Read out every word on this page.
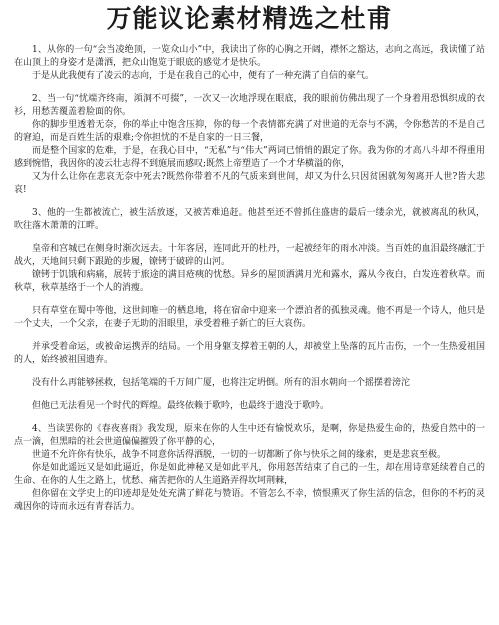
万能议论素材精选之杜甫

1、从你的一句“会当凌绝顶，一览众山小”中，我读出了你的心胸之开阔，襟怀之豁达，志向之高远，我读懂了站在山顶上的身姿才是潇洒，把众山饱览于眼底的感觉才是快乐。

于是从此我便有了凌云的志向，于是在我自己的心中，便有了一种充满了自信的豪气。

2、当一句“忧端齐终南，澒洞不可掇”，一次又一次地浮现在眼底，我的眼前仿佛出现了一个身着用恐惧织成的衣衫，用愁苦覆盖着脸面的你。

你的脚步里透着无奈，你的举止中饱含压抑，你的每一个表情都充满了对世道的无奈与不满，令你愁苦的不是自己的窘迫，而是百姓生活的艰难;令你担忧的不是自家的一日三餐，

而是整个国家的危难，于是，在我心目中，“无私”与“伟大”两词已悄悄的跟定了你。我为你的才高八斗却不得重用感到惋惜，我因你的凌云壮志得不到施展而感叹;既然上帝塑造了一个才华横溢的你，

又为什么让你在悲哀无奈中死去?既然你带着不凡的气质来到世间，却又为什么只因贫困就匆匆离开人世?皆大悲哀!

3、他的一生都被流亡，被生活放逐，又被苦难追赶。他甚至还不曾抓住盛唐的最后一缕余光，就被离乱的秋风，吹往落木萧萧的江畔。

皇帝和宫城已在侧身时渐次远去。十年客居，连同此开的杜丹，一起被经年的雨水冲淡。当百姓的血泪最终融汇于战火，天地间只剩下跟跄的步履，镣铐于破碎的山河。

镣铐于饥饿和病痛，展转于旅途的满目疮痍的忧愁。异乡的屋顶洒满月光和露水，露从今夜白，白发连着秋草。而秋草，秋草基络于一个人的消瘦。

只有草堂在蜀中等他，这世间唯一的栖息地，将在宿命中迎来一个漂泊者的孤独灵魂。他不再是一个诗人，他只是一个丈夫，一个父亲，在妻子无助的泪眼里，承受着稚子新亡的巨大哀伤。

并承受着命运，或被命运携弄的结局。一个用身躯支撑着王朝的人，却被堂上坠落的瓦片击伤，一个一生热爱祖国的人，始终被祖国遗弃。

没有什么再能够拯救，包括笔端的千万间广厦，也将注定坍倒。所有的泪水朝向一个摇摆着滂沱

但他已无法看见一个时代的辉煌。最终依赖于歌吟，也最终于遗没于歌吟。

4、当读罢你的《春夜喜雨》我发现，原来在你的人生中还有愉悦欢乐，是啊，你是热爱生命的，热爱自然中的一点一滴，但黑暗的社会世道偏偏摧毁了你平静的心，

世道不允许你有快乐，战争不同意你活得洒脱，一切的一切都断了你与快乐之间的缘索，更是悲哀至极。

你是如此遥远又是如此逼近，你是如此神秘又是如此平凡，你用怒苦结束了自己的一生，却在用诗章延续着自己的生命、在你的人生之路上，忧愁、痛苦把你的人生道路弄得坎坷荆棘，

但你留在文学史上的印迹却是处处充满了鲜花与赞语。不管怎么不幸，愤恨熏灭了你生活的信念，但你的不朽的灵魂因你的诗而永远有青春活力。
